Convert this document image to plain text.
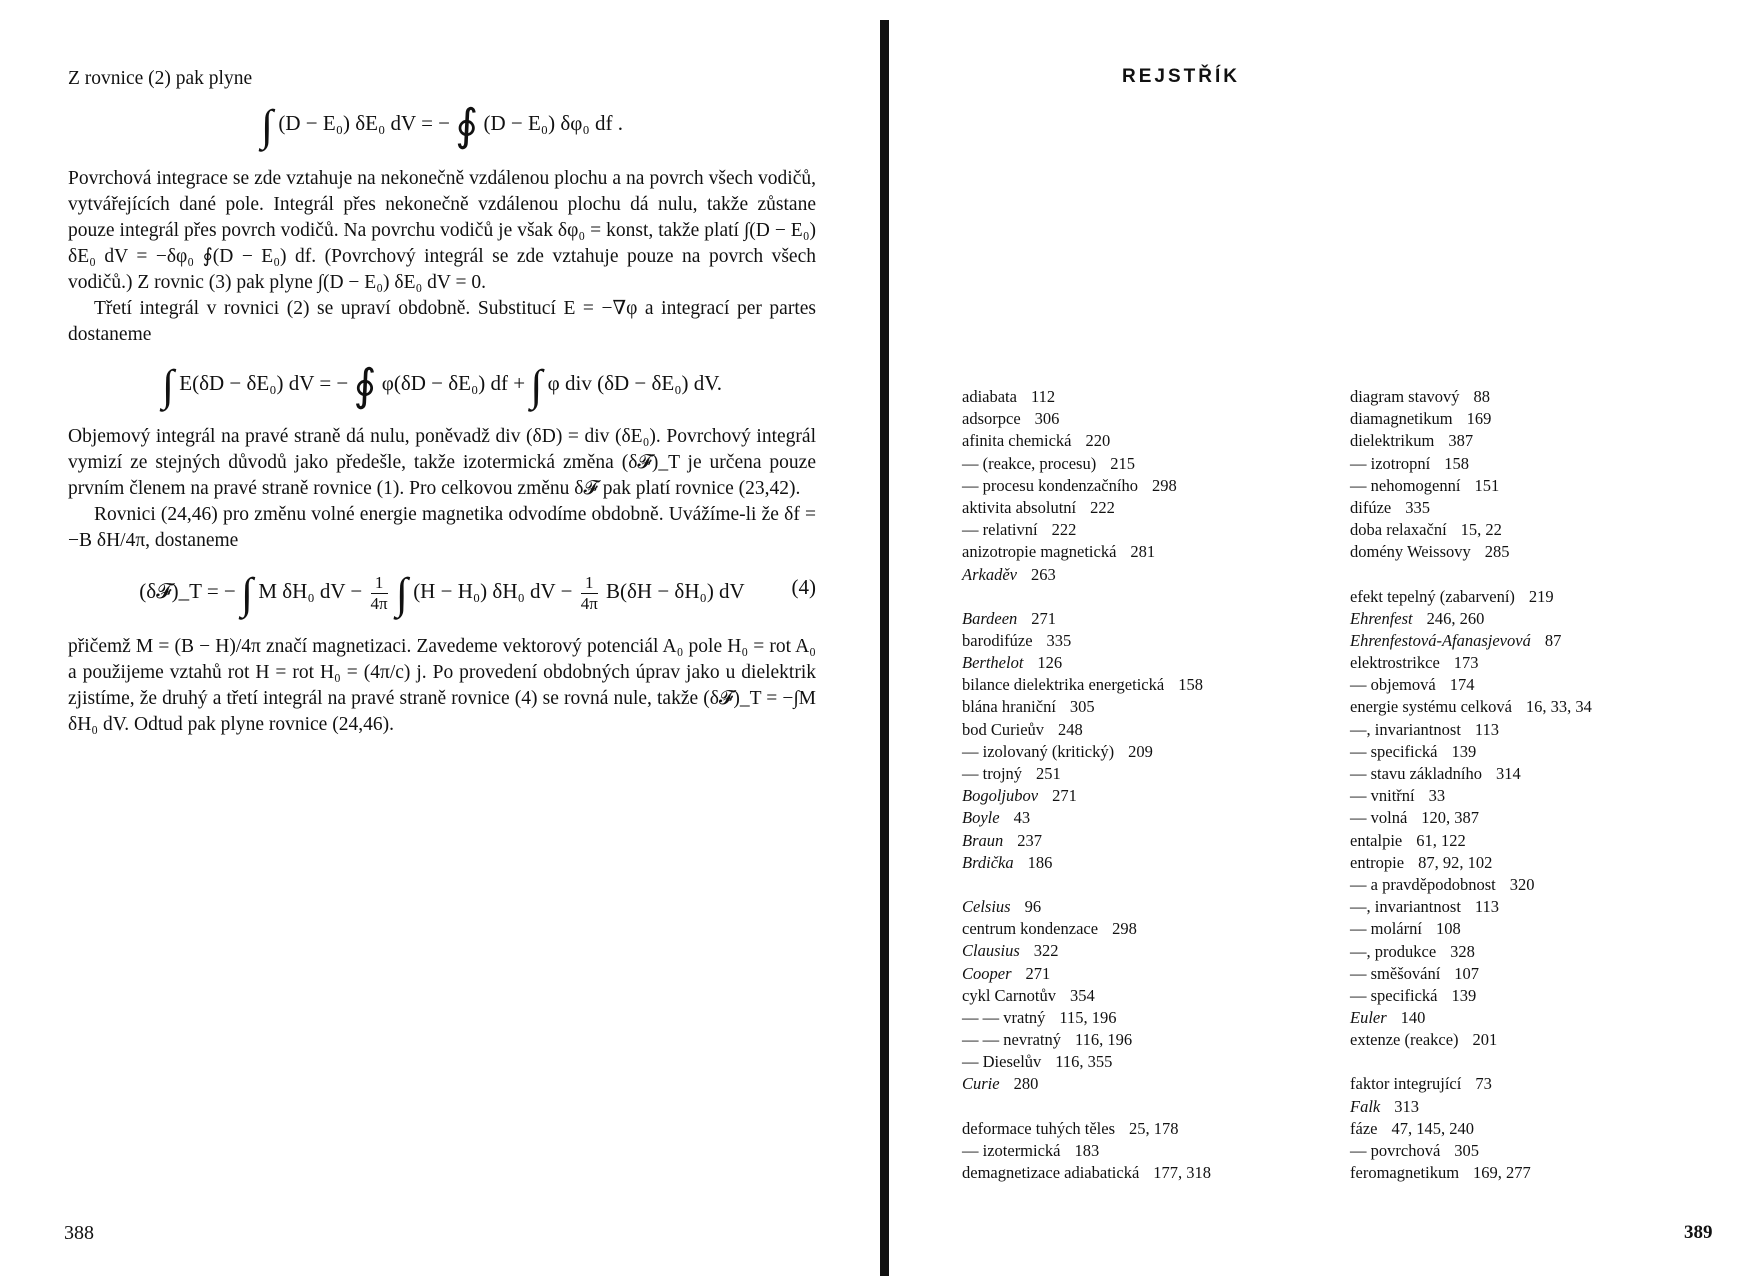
Z rovnice (2) pak plyne

∫ (D − E₀) δE₀ dV = − ∮ (D − E₀) δφ₀ df .

Povrchová integrace se zde vztahuje na nekonečně vzdálenou plochu a na povrch všech vodičů, vytvářejících dané pole. Integrál přes nekonečně vzdálenou plochu dá nulu, takže zůstane pouze integrál přes povrch vodičů. Na povrchu vodičů je však δφ₀ = konst, takže platí ∫(D − E₀) δE₀ dV = −δφ₀ ∮(D − E₀) df. (Povrchový integrál se zde vztahuje pouze na povrch všech vodičů.) Z rovnic (3) pak plyne ∫(D − E₀) δE₀ dV = 0.

Třetí integrál v rovnici (2) se upraví obdobně. Substitucí E = −∇φ a integrací per partes dostaneme

∫ E(δD − δE₀) dV = − ∮ φ(δD − δE₀) df + ∫ φ div (δD − δE₀) dV.

Objemový integrál na pravé straně dá nulu, poněvadž div (δD) = div (δE₀). Povrchový integrál vymizí ze stejných důvodů jako předešle, takže izotermická změna (δ𝓕)_T je určena pouze prvním členem na pravé straně rovnice (1). Pro celkovou změnu δ𝓕 pak platí rovnice (23,42).

Rovnici (24,46) pro změnu volné energie magnetika odvodíme obdobně. Uvážíme-li že δf = −B δH/4π, dostaneme

(δ𝓕)_T = − ∫ M δH₀ dV − $\frac{1}{4\pi}$ ∫ (H − H₀) δH₀ dV − $\frac{1}{4\pi} B(\delta H - \delta H_0)$ dV (4)

přičemž M = (B − H)/4π značí magnetizaci. Zavedeme vektorový potenciál A₀ pole H₀ = rot A₀ a použijeme vztahů rot H = rot H₀ = (4π/c) j. Po provedení obdobných úprav jako u dielektrik zjistíme, že druhý a třetí integrál na pravé straně rovnice (4) se rovná nule, takže (δ𝓕)_T = −∫M δH₀ dV. Odtud pak plyne rovnice (24,46).

388
REJSTŘÍK
adiabata 112
adsorpce 306
afinita chemická 220
— (reakce, procesu) 215
— procesu kondenzačního 298
aktivita absolutní 222
— relativní 222
anizotropie magnetická 281
Arkaděv 263
Bardeen 271
barodifúze 335
Berthelot 126
bilance dielektrika energetická 158
blána hraniční 305
bod Curieův 248
— izolovaný (kritický) 209
— trojný 251
Bogoljubov 271
Boyle 43
Braun 237
Brdička 186
Celsius 96
centrum kondenzace 298
Clausius 322
Cooper 271
cykl Carnotův 354
— — vratný 115, 196
— — nevratný 116, 196
— Dieselův 116, 355
Curie 280
deformace tuhých těles 25, 178
— izotermická 183
demagnetizace adiabatická 177, 318
diagram stavový 88
diamagnetikum 169
dielektrikum 387
— izotropní 158
— nehomogenní 151
difúze 335
doba relaxační 15, 22
domény Weissovy 285
efekt tepelný (zabarvení) 219
Ehrenfest 246, 260
Ehrenfestová-Afanasjevová 87
elektrostrikce 173
— objemová 174
energie systému celková 16, 33, 34
—, invariantnost 113
— specifická 139
— stavu základního 314
— vnitřní 33
— volná 120, 387
entalpie 61, 122
entropie 87, 92, 102
— a pravděpodobnost 320
—, invariantnost 113
— molární 108
—, produkce 328
— směšování 107
— specifická 139
Euler 140
extenze (reakce) 201
faktor integrující 73
Falk 313
fáze 47, 145, 240
— povrchová 305
feromagnetikum 169, 277
389
